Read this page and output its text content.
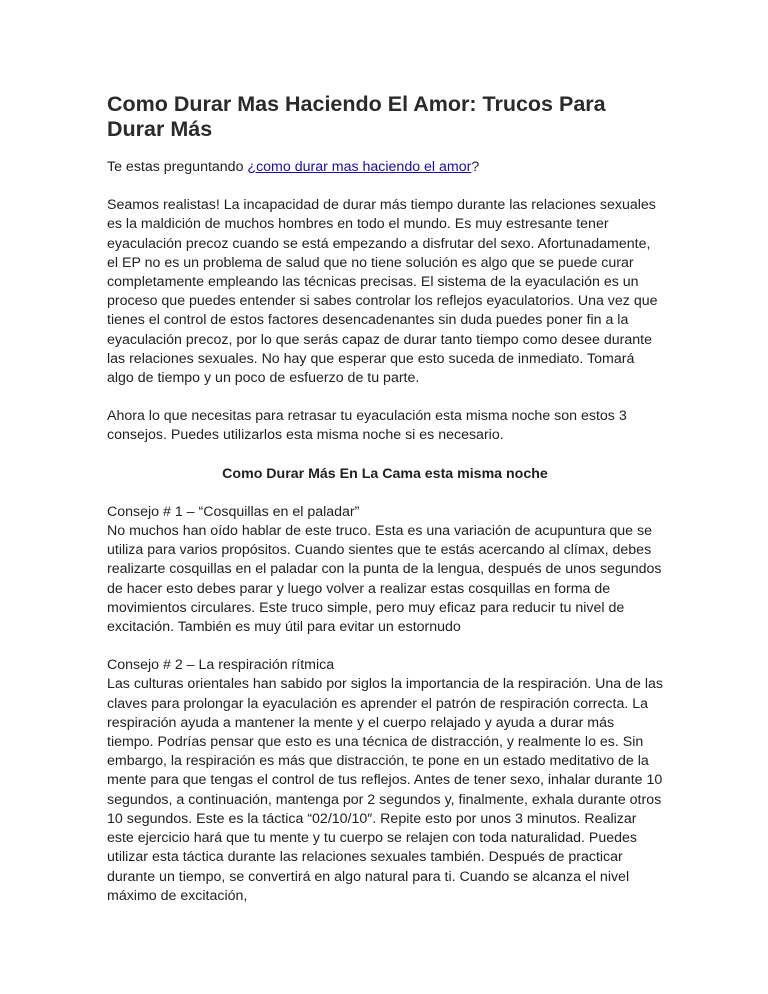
Como Durar Mas Haciendo El Amor: Trucos Para Durar Más

Te estas preguntando ¿como durar mas haciendo el amor?

Seamos realistas! La incapacidad de durar más tiempo durante las relaciones sexuales es la maldición de muchos hombres en todo el mundo. Es muy estresante tener eyaculación precoz cuando se está empezando a disfrutar del sexo. Afortunadamente, el EP no es un problema de salud que no tiene solución es algo que se puede curar completamente empleando las técnicas precisas. El sistema de la eyaculación es un proceso que puedes entender si sabes controlar los reflejos eyaculatorios. Una vez que tienes el control de estos factores desencadenantes sin duda puedes poner fin a la eyaculación precoz, por lo que serás capaz de durar tanto tiempo como desee durante las relaciones sexuales. No hay que esperar que esto suceda de inmediato. Tomará algo de tiempo y un poco de esfuerzo de tu parte.

Ahora lo que necesitas para retrasar tu eyaculación esta misma noche son estos 3 consejos. Puedes utilizarlos esta misma noche si es necesario.

Como Durar Más En La Cama esta misma noche
Consejo # 1 – “Cosquillas en el paladar”
No muchos han oído hablar de este truco. Esta es una variación de acupuntura que se utiliza para varios propósitos. Cuando sientes que te estás acercando al clímax, debes realizarte cosquillas en el paladar con la punta de la lengua, después de unos segundos de hacer esto debes parar y luego volver a realizar estas cosquillas en forma de movimientos circulares. Este truco simple, pero muy eficaz para reducir tu nivel de excitación. También es muy útil para evitar un estornudo
Consejo # 2 – La respiración rítmica
Las culturas orientales han sabido por siglos la importancia de la respiración. Una de las claves para prolongar la eyaculación es aprender el patrón de respiración correcta. La respiración ayuda a mantener la mente y el cuerpo relajado y ayuda a durar más tiempo. Podrías pensar que esto es una técnica de distracción, y realmente lo es. Sin embargo, la respiración es más que distracción, te pone en un estado meditativo de la mente para que tengas el control de tus reflejos. Antes de tener sexo, inhalar durante 10 segundos, a continuación, mantenga por 2 segundos y, finalmente, exhala durante otros 10 segundos. Este es la táctica “02/10/10″. Repite esto por unos 3 minutos. Realizar este ejercicio hará que tu mente y tu cuerpo se relajen con toda naturalidad. Puedes utilizar esta táctica durante las relaciones sexuales también. Después de practicar durante un tiempo, se convertirá en algo natural para ti. Cuando se alcanza el nivel máximo de excitación,
